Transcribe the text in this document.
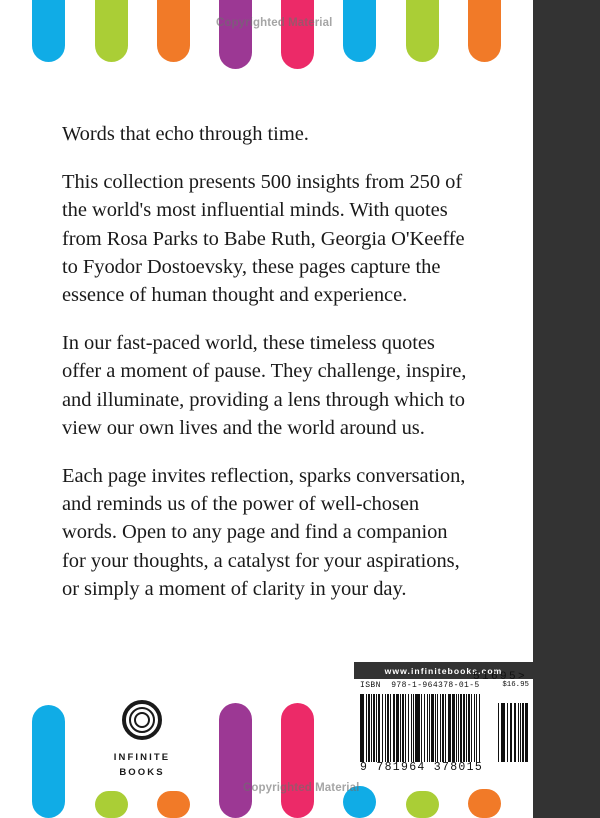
Words that echo through time.

This collection presents 500 insights from 250 of the world's most influential minds. With quotes from Rosa Parks to Babe Ruth, Georgia O'Keeffe to Fyodor Dostoevsky, these pages capture the essence of human thought and experience.

In our fast-paced world, these timeless quotes offer a moment of pause. They challenge, inspire, and illuminate, providing a lens through which to view our own lives and the world around us.

Each page invites reflection, sparks conversation, and reminds us of the power of well-chosen words. Open to any page and find a companion for your thoughts, a catalyst for your aspirations, or simply a moment of clarity in your day.

INFINITE
BOOKS
www.infinitebooks.com
ISBN 978-1-964378-01-5	$16.95
51695>
9 781964 378015
Copyrighted Material
Copyrighted Material
